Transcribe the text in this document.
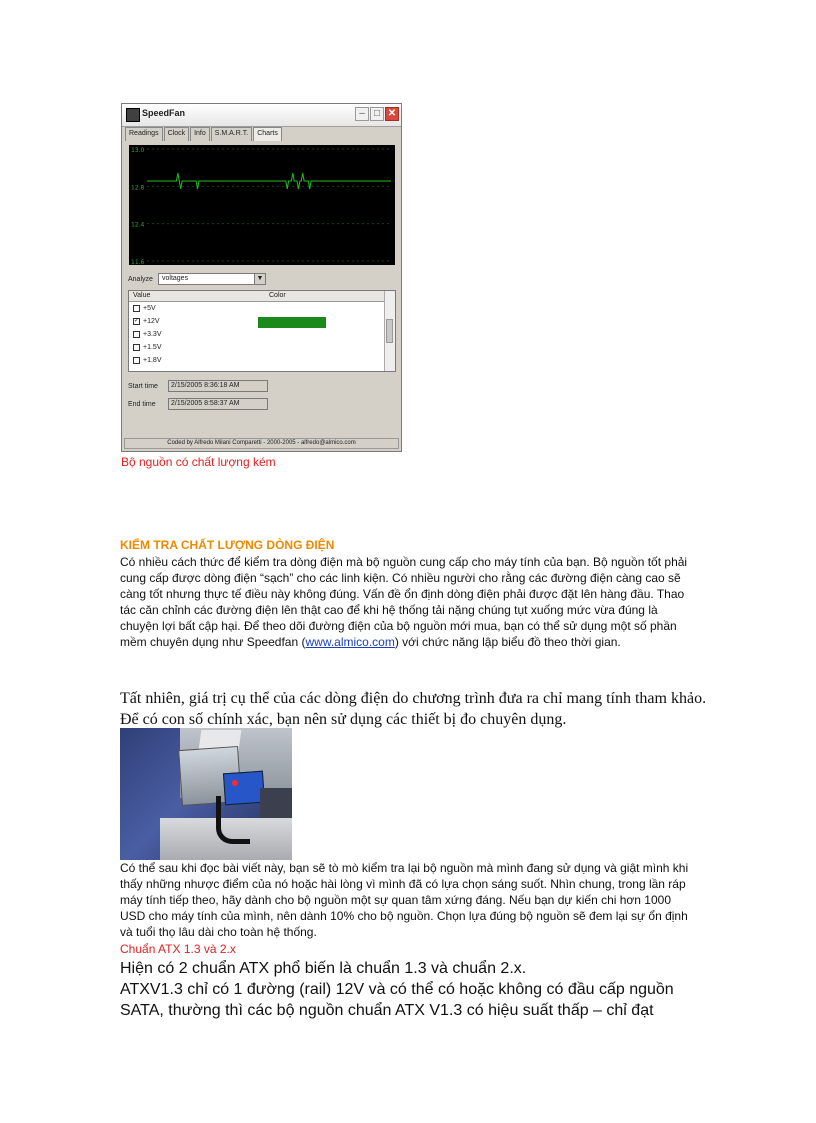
SpeedFan	– □ ✕
Readings	Clock	Info	S.M.A.R.T.	Charts
13.0
12.8
12.4
11.6
Analyze	voltages	▼
Value	Color
+5V
✓ +12V
+3.3V
+1.5V
+1.8V
Start time	2/15/2005 8:36:18 AM
End time	2/15/2005 8:58:37 AM
Coded by Alfredo Milani Comparetti - 2000-2005 - alfredo@almico.com

Bộ nguồn có chất lượng kém

KIỂM TRA CHẤT LƯỢNG DÒNG ĐIỆN

Có nhiều cách thức để kiểm tra dòng điện mà bộ nguồn cung cấp cho máy tính của bạn. Bộ nguồn tốt phải cung cấp được dòng điện “sạch” cho các linh kiện. Có nhiều người cho rằng các đường điện càng cao sẽ càng tốt nhưng thực tế điều này không đúng. Vấn đề ổn định dòng điện phải được đặt lên hàng đầu. Thao tác căn chỉnh các đường điện lên thật cao để khi hệ thống tải nặng chúng tụt xuống mức vừa đúng là chuyện lợi bất cập hại. Để theo dõi đường điện của bộ nguồn mới mua, bạn có thể sử dụng một số phần mềm chuyên dụng như Speedfan (www.almico.com) với chức năng lập biểu đồ theo thời gian.

Tất nhiên, giá trị cụ thể của các dòng điện do chương trình đưa ra chỉ mang tính tham khảo. Để có con số chính xác, bạn nên sử dụng các thiết bị đo chuyên dụng.

Có thể sau khi đọc bài viết này, bạn sẽ tò mò kiểm tra lại bộ nguồn mà mình đang sử dụng và giật mình khi thấy những nhược điểm của nó hoặc hài lòng vì mình đã có lựa chọn sáng suốt. Nhìn chung, trong lần ráp máy tính tiếp theo, hãy dành cho bộ nguồn một sự quan tâm xứng đáng. Nếu bạn dự kiến chi hơn 1000 USD cho máy tính của mình, nên dành 10% cho bộ nguồn. Chọn lựa đúng bộ nguồn sẽ đem lại sự ổn định và tuổi thọ lâu dài cho toàn hệ thống.

Chuẩn ATX 1.3 và 2.x

Hiện có 2 chuẩn ATX phổ biến là chuẩn 1.3 và chuẩn 2.x.
ATXV1.3 chỉ có 1 đường (rail) 12V và có thể có hoặc không có đầu cấp nguồn SATA, thường thì các bộ nguồn chuẩn ATX V1.3 có hiệu suất thấp – chỉ đạt
